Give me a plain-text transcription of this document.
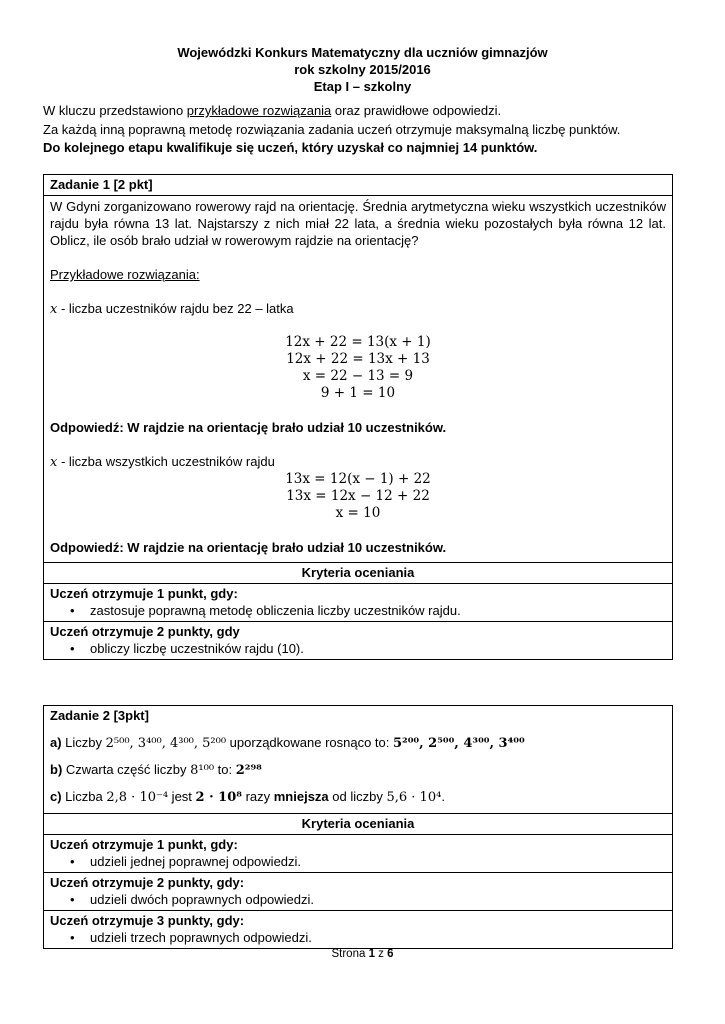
Wojewódzki Konkurs Matematyczny dla uczniów gimnazjów
rok szkolny 2015/2016
Etap I – szkolny
W kluczu przedstawiono przykładowe rozwiązania oraz prawidłowe odpowiedzi.
Za każdą inną poprawną metodę rozwiązania zadania uczeń otrzymuje maksymalną liczbę punktów.
Do kolejnego etapu kwalifikuje się uczeń, który uzyskał co najmniej 14 punktów.
Zadanie 1 [2 pkt]
W Gdyni zorganizowano rowerowy rajd na orientację. Średnia arytmetyczna wieku wszystkich uczestników rajdu była równa 13 lat. Najstarszy z nich miał 22 lata, a średnia wieku pozostałych była równa 12 lat. Oblicz, ile osób brało udział w rowerowym rajdzie na orientację?
Przykładowe rozwiązania:
x - liczba uczestników rajdu bez 22 – latka
12x + 22 = 13(x + 1)
12x + 22 = 13x + 13
x = 22 − 13 = 9
9 + 1 = 10
Odpowiedź: W rajdzie na orientację brało udział 10 uczestników.
x - liczba wszystkich uczestników rajdu
13x = 12(x − 1) + 22
13x = 12x − 12 + 22
x = 10
Odpowiedź: W rajdzie na orientację brało udział 10 uczestników.
Kryteria oceniania
Uczeń otrzymuje 1 punkt, gdy:
• zastosuje poprawną metodę obliczenia liczby uczestników rajdu.
Uczeń otrzymuje 2 punkty, gdy
• obliczy liczbę uczestników rajdu (10).
Zadanie 2 [3pkt]
a) Liczby 2⁵⁰⁰, 3⁴⁰⁰, 4³⁰⁰, 5²⁰⁰ uporządkowane rosnąco to: 5²⁰⁰, 2⁵⁰⁰, 4³⁰⁰, 3⁴⁰⁰
b) Czwarta część liczby 8¹⁰⁰ to: 2²⁹⁸
c) Liczba 2,8 · 10⁻⁴ jest 2 · 10⁸ razy mniejsza od liczby 5,6 · 10⁴.
Kryteria oceniania
Uczeń otrzymuje 1 punkt, gdy:
• udzieli jednej poprawnej odpowiedzi.
Uczeń otrzymuje 2 punkty, gdy:
• udzieli dwóch poprawnych odpowiedzi.
Uczeń otrzymuje 3 punkty, gdy:
• udzieli trzech poprawnych odpowiedzi.
Strona 1 z 6
